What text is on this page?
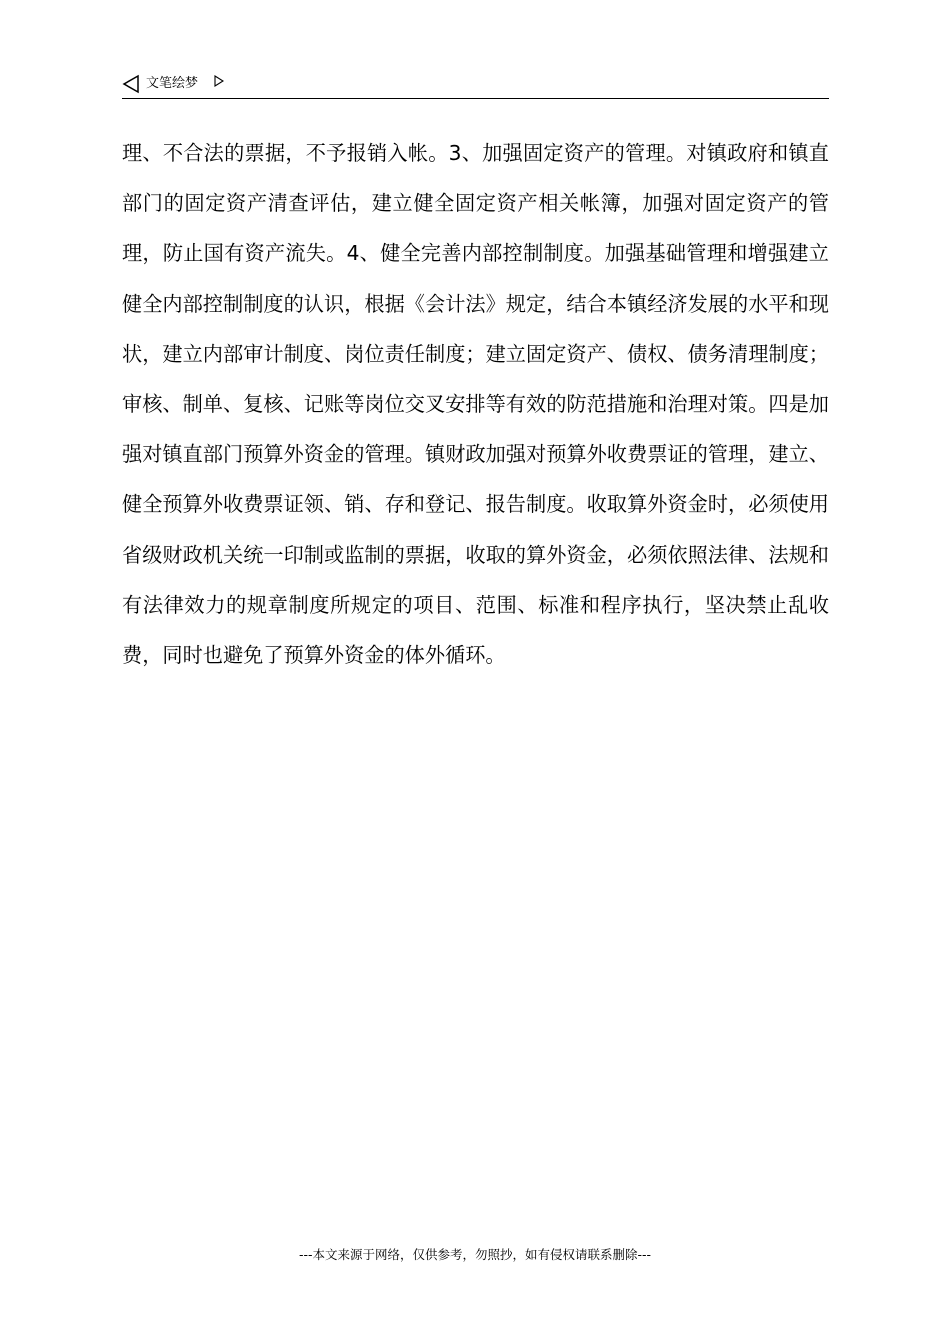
文笔绘梦

理、不合法的票据，不予报销入帐。3、加强固定资产的管理。对镇政府和镇直部门的固定资产清查评估，建立健全固定资产相关帐簿，加强对固定资产的管理，防止国有资产流失。4、健全完善内部控制制度。加强基础管理和增强建立健全内部控制制度的认识，根据《会计法》规定，结合本镇经济发展的水平和现状，建立内部审计制度、岗位责任制度；建立固定资产、债权、债务清理制度；审核、制单、复核、记账等岗位交叉安排等有效的防范措施和治理对策。四是加强对镇直部门预算外资金的管理。镇财政加强对预算外收费票证的管理，建立、健全预算外收费票证领、销、存和登记、报告制度。收取算外资金时，必须使用省级财政机关统一印制或监制的票据，收取的算外资金，必须依照法律、法规和有法律效力的规章制度所规定的项目、范围、标准和程序执行，坚决禁止乱收费，同时也避免了预算外资金的体外循环。

---本文来源于网络，仅供参考，勿照抄，如有侵权请联系删除---
